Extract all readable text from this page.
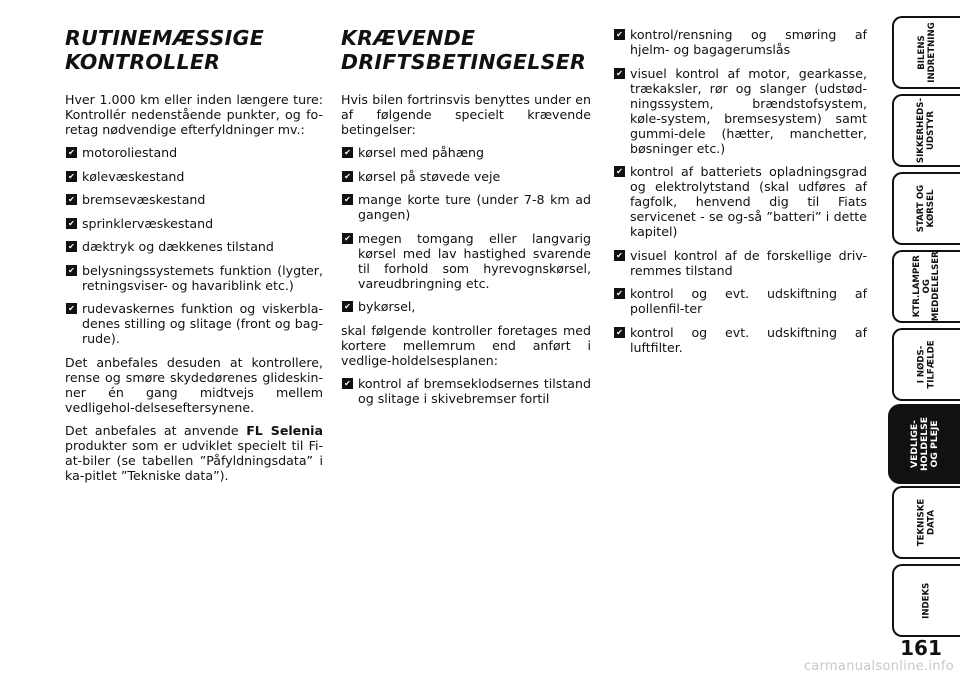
RUTINEMÆSSIGE
KONTROLLER

Hver 1.000 km eller inden længere ture: Kontrollér nedenstående punkter, og fo-retag nødvendige efterfyldninger mv.:

✔
motoroliestand
✔
kølevæskestand
✔
bremsevæskestand
✔
sprinklervæskestand
✔
dæktryk og dækkenes tilstand
✔
belysningssystemets funktion (lygter, retningsviser- og havariblink etc.)
✔
rudevaskernes funktion og viskerbla-denes stilling og slitage (front og bag-rude).

Det anbefales desuden at kontrollere, rense og smøre skydedørenes glideskin-ner én gang midtvejs mellem vedligehol-delseseftersynene.

Det anbefales at anvende FL Selenia produkter som er udviklet specielt til Fi-at-biler (se tabellen ”Påfyldningsdata” i ka-pitlet ”Tekniske data”).

KRÆVENDE
DRIFTSBETINGELSER

Hvis bilen fortrinsvis benyttes under en af følgende specielt krævende betingelser:

✔
kørsel med påhæng
✔
kørsel på støvede veje
✔
mange korte ture (under 7-8 km ad gangen)
✔
megen tomgang eller langvarig kørsel med lav hastighed svarende til forhold som hyrevognskørsel, vareudbringning etc.
✔
bykørsel,

skal følgende kontroller foretages med kortere mellemrum end anført i vedlige-holdelsesplanen:

✔
kontrol af bremseklodsernes tilstand og slitage i skivebremser fortil
✔
kontrol/rensning og smøring af hjelm- og bagagerumslås
✔
visuel kontrol af motor, gearkasse, trækaksler, rør og slanger (udstød-ningssystem, brændstofsystem, køle-system, bremsesystem) samt gummi-dele (hætter, manchetter, bøsninger etc.)
✔
kontrol af batteriets opladningsgrad og elektrolytstand (skal udføres af fagfolk, henvend dig til Fiats servicenet - se og-så ”batteri” i dette kapitel)
✔
visuel kontrol af de forskellige driv-remmes tilstand
✔
kontrol og evt. udskiftning af pollenfil-ter
✔
kontrol og evt. udskiftning af luftfilter.
BILENS
INDRETNING
SIKKERHEDS-
UDSTYR
START OG
KØRSEL
KTR.LAMPER
OG
MEDDELELSER
I NØDS-
TILFÆLDE
VEDLIGE-
HOLDELSE
OG PLEJE
TEKNISKE
DATA
INDEKS
161
carmanualsonline.info
